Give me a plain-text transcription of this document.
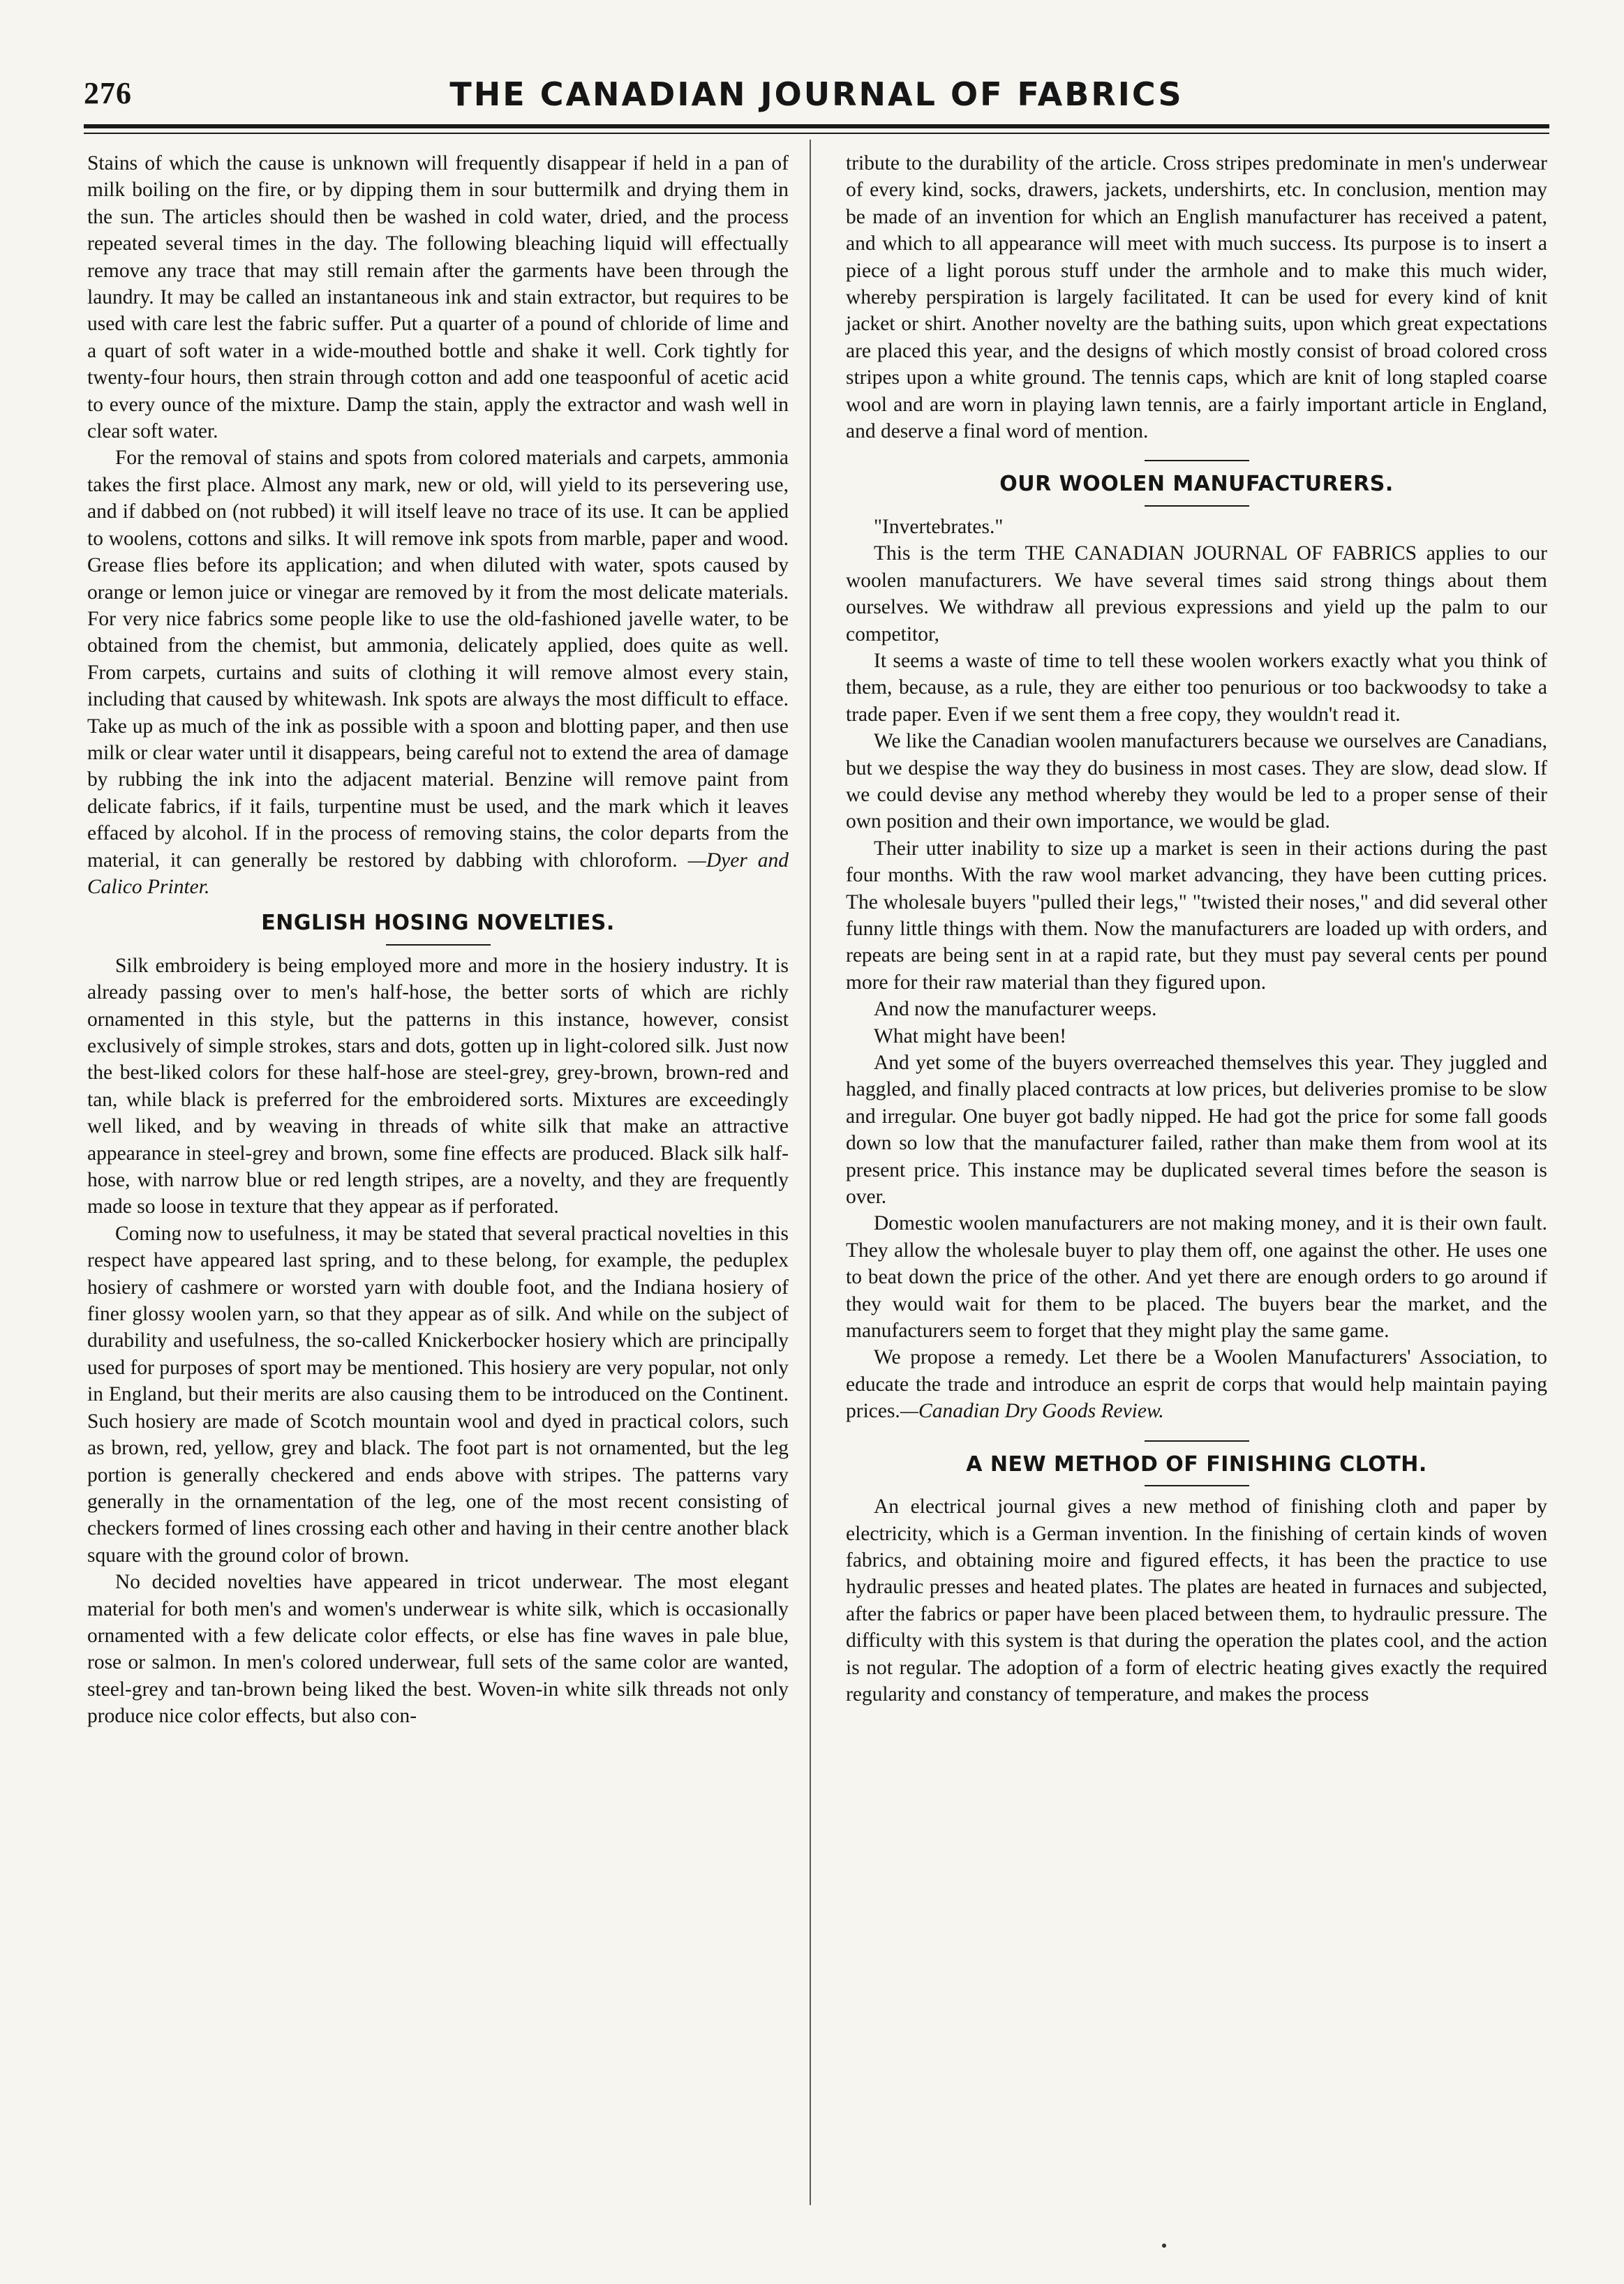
276	THE CANADIAN JOURNAL OF FABRICS

Stains of which the cause is unknown will frequently disappear if held in a pan of milk boiling on the fire, or by dipping them in sour buttermilk and drying them in the sun. The articles should then be washed in cold water, dried, and the process repeated several times in the day. The following bleaching liquid will effectually remove any trace that may still remain after the garments have been through the laundry. It may be called an instantaneous ink and stain extractor, but requires to be used with care lest the fabric suffer. Put a quarter of a pound of chloride of lime and a quart of soft water in a wide-mouthed bottle and shake it well. Cork tightly for twenty-four hours, then strain through cotton and add one teaspoonful of acetic acid to every ounce of the mixture. Damp the stain, apply the extractor and wash well in clear soft water.

For the removal of stains and spots from colored materials and carpets, ammonia takes the first place. Almost any mark, new or old, will yield to its persevering use, and if dabbed on (not rubbed) it will itself leave no trace of its use. It can be applied to woolens, cottons and silks. It will remove ink spots from marble, paper and wood. Grease flies before its application; and when diluted with water, spots caused by orange or lemon juice or vinegar are removed by it from the most delicate materials. For very nice fabrics some people like to use the old-fashioned javelle water, to be obtained from the chemist, but ammonia, delicately applied, does quite as well. From carpets, curtains and suits of clothing it will remove almost every stain, including that caused by whitewash. Ink spots are always the most difficult to efface. Take up as much of the ink as possible with a spoon and blotting paper, and then use milk or clear water until it disappears, being careful not to extend the area of damage by rubbing the ink into the adjacent material. Benzine will remove paint from delicate fabrics, if it fails, turpentine must be used, and the mark which it leaves effaced by alcohol. If in the process of removing stains, the color departs from the material, it can generally be restored by dabbing with chloroform. —Dyer and Calico Printer.

ENGLISH HOSING NOVELTIES.

Silk embroidery is being employed more and more in the hosiery industry. It is already passing over to men's half-hose, the better sorts of which are richly ornamented in this style, but the patterns in this instance, however, consist exclusively of simple strokes, stars and dots, gotten up in light-colored silk. Just now the best-liked colors for these half-hose are steel-grey, grey-brown, brown-red and tan, while black is preferred for the embroidered sorts. Mixtures are exceedingly well liked, and by weaving in threads of white silk that make an attractive appearance in steel-grey and brown, some fine effects are produced. Black silk half-hose, with narrow blue or red length stripes, are a novelty, and they are frequently made so loose in texture that they appear as if perforated.

Coming now to usefulness, it may be stated that several practical novelties in this respect have appeared last spring, and to these belong, for example, the peduplex hosiery of cashmere or worsted yarn with double foot, and the Indiana hosiery of finer glossy woolen yarn, so that they appear as of silk. And while on the subject of durability and usefulness, the so-called Knickerbocker hosiery which are principally used for purposes of sport may be mentioned. This hosiery are very popular, not only in England, but their merits are also causing them to be introduced on the Continent. Such hosiery are made of Scotch mountain wool and dyed in practical colors, such as brown, red, yellow, grey and black. The foot part is not ornamented, but the leg portion is generally checkered and ends above with stripes. The patterns vary generally in the ornamentation of the leg, one of the most recent consisting of checkers formed of lines crossing each other and having in their centre another black square with the ground color of brown.

No decided novelties have appeared in tricot underwear. The most elegant material for both men's and women's underwear is white silk, which is occasionally ornamented with a few delicate color effects, or else has fine waves in pale blue, rose or salmon. In men's colored underwear, full sets of the same color are wanted, steel-grey and tan-brown being liked the best. Woven-in white silk threads not only produce nice color effects, but also con-

tribute to the durability of the article. Cross stripes predominate in men's underwear of every kind, socks, drawers, jackets, undershirts, etc. In conclusion, mention may be made of an invention for which an English manufacturer has received a patent, and which to all appearance will meet with much success. Its purpose is to insert a piece of a light porous stuff under the armhole and to make this much wider, whereby perspiration is largely facilitated. It can be used for every kind of knit jacket or shirt. Another novelty are the bathing suits, upon which great expectations are placed this year, and the designs of which mostly consist of broad colored cross stripes upon a white ground. The tennis caps, which are knit of long stapled coarse wool and are worn in playing lawn tennis, are a fairly important article in England, and deserve a final word of mention.

OUR WOOLEN MANUFACTURERS.

"Invertebrates."

This is the term THE CANADIAN JOURNAL OF FABRICS applies to our woolen manufacturers. We have several times said strong things about them ourselves. We withdraw all previous expressions and yield up the palm to our competitor,

It seems a waste of time to tell these woolen workers exactly what you think of them, because, as a rule, they are either too penurious or too backwoodsy to take a trade paper. Even if we sent them a free copy, they wouldn't read it.

We like the Canadian woolen manufacturers because we ourselves are Canadians, but we despise the way they do business in most cases. They are slow, dead slow. If we could devise any method whereby they would be led to a proper sense of their own position and their own importance, we would be glad.

Their utter inability to size up a market is seen in their actions during the past four months. With the raw wool market advancing, they have been cutting prices. The wholesale buyers "pulled their legs," "twisted their noses," and did several other funny little things with them. Now the manufacturers are loaded up with orders, and repeats are being sent in at a rapid rate, but they must pay several cents per pound more for their raw material than they figured upon.

And now the manufacturer weeps.

What might have been!

And yet some of the buyers overreached themselves this year. They juggled and haggled, and finally placed contracts at low prices, but deliveries promise to be slow and irregular. One buyer got badly nipped. He had got the price for some fall goods down so low that the manufacturer failed, rather than make them from wool at its present price. This instance may be duplicated several times before the season is over.

Domestic woolen manufacturers are not making money, and it is their own fault. They allow the wholesale buyer to play them off, one against the other. He uses one to beat down the price of the other. And yet there are enough orders to go around if they would wait for them to be placed. The buyers bear the market, and the manufacturers seem to forget that they might play the same game.

We propose a remedy. Let there be a Woolen Manufacturers' Association, to educate the trade and introduce an esprit de corps that would help maintain paying prices.—Canadian Dry Goods Review.

A NEW METHOD OF FINISHING CLOTH.

An electrical journal gives a new method of finishing cloth and paper by electricity, which is a German invention. In the finishing of certain kinds of woven fabrics, and obtaining moire and figured effects, it has been the practice to use hydraulic presses and heated plates. The plates are heated in furnaces and subjected, after the fabrics or paper have been placed between them, to hydraulic pressure. The difficulty with this system is that during the operation the plates cool, and the action is not regular. The adoption of a form of electric heating gives exactly the required regularity and constancy of temperature, and makes the process
